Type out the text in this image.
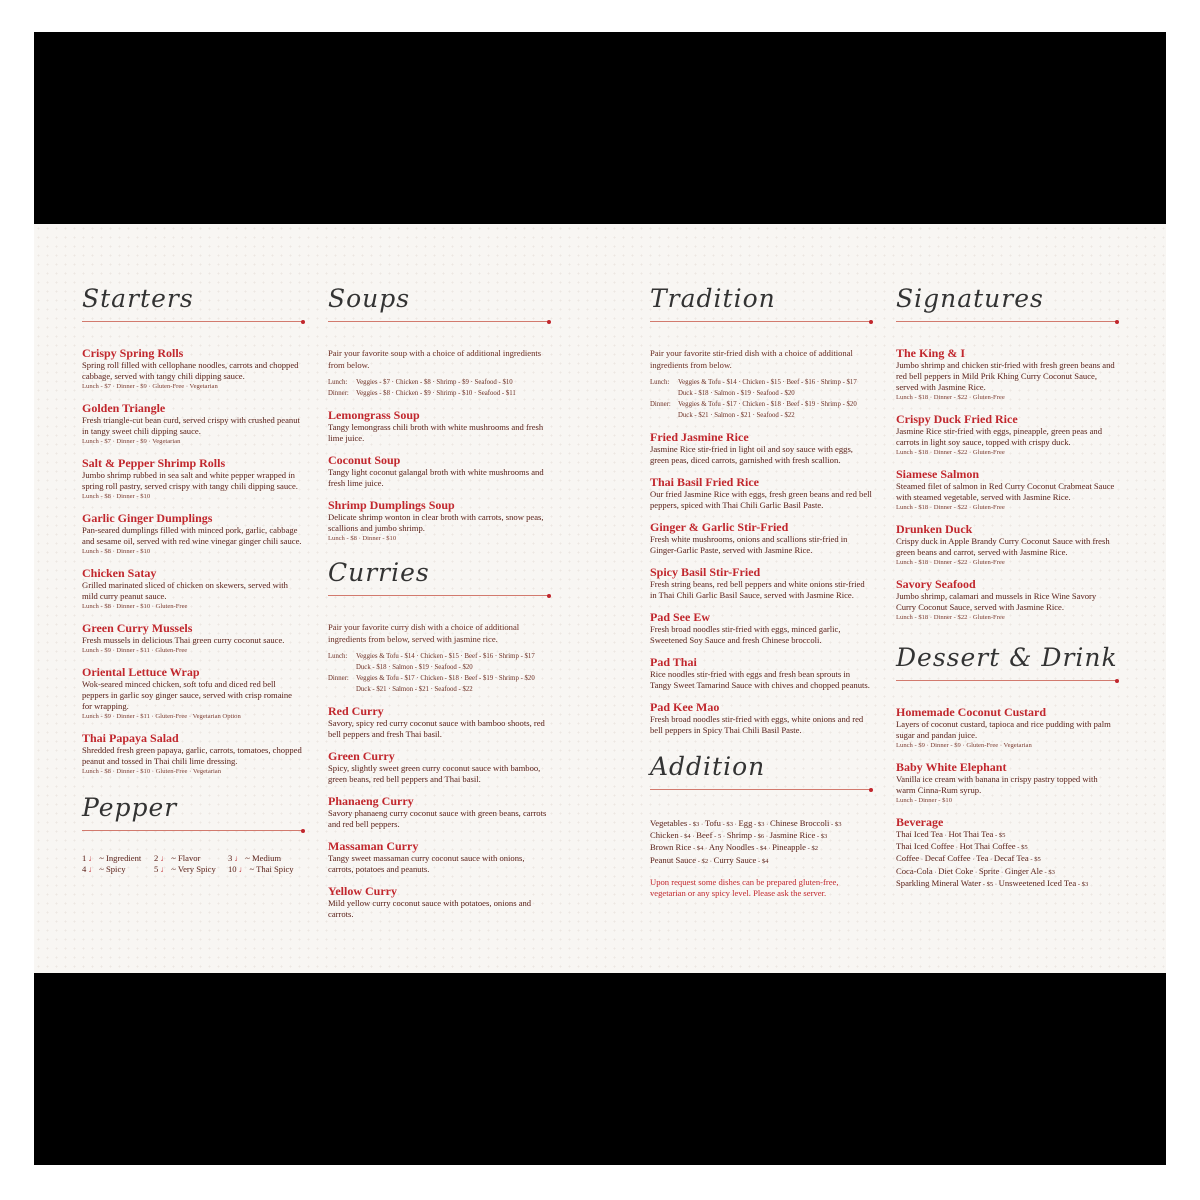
Starters
Crispy Spring Rolls
Spring roll filled with cellophane noodles, carrots and chopped cabbage, served with tangy chili dipping sauce.
Lunch - $7 · Dinner - $9 · Gluten-Free · Vegetarian
Golden Triangle
Fresh triangle-cut bean curd, served crispy with crushed peanut in tangy sweet chili dipping sauce.
Lunch - $7 · Dinner - $9 · Vegetarian
Salt & Pepper Shrimp Rolls
Jumbo shrimp rubbed in sea salt and white pepper wrapped in spring roll pastry, served crispy with tangy chili dipping sauce.
Lunch - $8 · Dinner - $10
Garlic Ginger Dumplings
Pan-seared dumplings filled with minced pork, garlic, cabbage and sesame oil, served with red wine vinegar ginger chili sauce.
Lunch - $8 · Dinner - $10
Chicken Satay
Grilled marinated sliced of chicken on skewers, served with mild curry peanut sauce.
Lunch - $8 · Dinner - $10 · Gluten-Free
Green Curry Mussels
Fresh mussels in delicious Thai green curry coconut sauce.
Lunch - $9 · Dinner - $11 · Gluten-Free
Oriental Lettuce Wrap
Wok-seared minced chicken, soft tofu and diced red bell peppers in garlic soy ginger sauce, served with crisp romaine for wrapping.
Lunch - $9 · Dinner - $11 · Gluten-Free · Vegetarian Option
Thai Papaya Salad
Shredded fresh green papaya, garlic, carrots, tomatoes, chopped peanut and tossed in Thai chili lime dressing.
Lunch - $8 · Dinner - $10 · Gluten-Free · Vegetarian
Pepper
1 ♩ ~ Ingredient	2 ♩ ~ Flavor	3 ♩ ~ Medium
4 ♩ ~ Spicy	5 ♩ ~ Very Spicy	10 ♩ ~ Thai Spicy
Soups
Pair your favorite soup with a choice of additional ingredients from below.
Lunch:	Veggies - $7 · Chicken - $8 · Shrimp - $9 · Seafood - $10
Dinner:	Veggies - $8 · Chicken - $9 · Shrimp - $10 · Seafood - $11
Lemongrass Soup
Tangy lemongrass chili broth with white mushrooms and fresh lime juice.
Coconut Soup
Tangy light coconut galangal broth with white mushrooms and fresh lime juice.
Shrimp Dumplings Soup
Delicate shrimp wonton in clear broth with carrots, snow peas, scallions and jumbo shrimp.
Lunch - $8 · Dinner - $10
Curries
Pair your favorite curry dish with a choice of additional ingredients from below, served with jasmine rice.
Lunch:	Veggies & Tofu - $14 · Chicken - $15 · Beef - $16 · Shrimp - $17
Duck - $18 · Salmon - $19 · Seafood - $20
Dinner:	Veggies & Tofu - $17 · Chicken - $18 · Beef - $19 · Shrimp - $20
Duck - $21 · Salmon - $21 · Seafood - $22
Red Curry
Savory, spicy red curry coconut sauce with bamboo shoots, red bell peppers and fresh Thai basil.
Green Curry
Spicy, slightly sweet green curry coconut sauce with bamboo, green beans, red bell peppers and Thai basil.
Phanaeng Curry
Savory phanaeng curry coconut sauce with green beans, carrots and red bell peppers.
Massaman Curry
Tangy sweet massaman curry coconut sauce with onions, carrots, potatoes and peanuts.
Yellow Curry
Mild yellow curry coconut sauce with potatoes, onions and carrots.
Tradition
Pair your favorite stir-fried dish with a choice of additional ingredients from below.
Lunch:	Veggies & Tofu - $14 · Chicken - $15 · Beef - $16 · Shrimp - $17
Duck - $18 · Salmon - $19 · Seafood - $20
Dinner:	Veggies & Tofu - $17 · Chicken - $18 · Beef - $19 · Shrimp - $20
Duck - $21 · Salmon - $21 · Seafood - $22
Fried Jasmine Rice
Jasmine Rice stir-fried in light oil and soy sauce with eggs, green peas, diced carrots, garnished with fresh scallion.
Thai Basil Fried Rice
Our fried Jasmine Rice with eggs, fresh green beans and red bell peppers, spiced with Thai Chili Garlic Basil Paste.
Ginger & Garlic Stir-Fried
Fresh white mushrooms, onions and scallions stir-fried in Ginger-Garlic Paste, served with Jasmine Rice.
Spicy Basil Stir-Fried
Fresh string beans, red bell peppers and white onions stir-fried in Thai Chili Garlic Basil Sauce, served with Jasmine Rice.
Pad See Ew
Fresh broad noodles stir-fried with eggs, minced garlic, Sweetened Soy Sauce and fresh Chinese broccoli.
Pad Thai
Rice noodles stir-fried with eggs and fresh bean sprouts in Tangy Sweet Tamarind Sauce with chives and chopped peanuts.
Pad Kee Mao
Fresh broad noodles stir-fried with eggs, white onions and red bell peppers in Spicy Thai Chili Basil Paste.
Addition
Vegetables - $3 · Tofu - $3 · Egg - $3 · Chinese Broccoli - $3
Chicken - $4 · Beef - 5 · Shrimp - $6 · Jasmine Rice - $3
Brown Rice - $4 · Any Noodles - $4 · Pineapple - $2
Peanut Sauce - $2 · Curry Sauce - $4
Upon request some dishes can be prepared gluten-free, vegetarian or any spicy level. Please ask the server.
Signatures
The King & I
Jumbo shrimp and chicken stir-fried with fresh green beans and red bell peppers in Mild Prik Khing Curry Coconut Sauce, served with Jasmine Rice.
Lunch - $18 · Dinner - $22 · Gluten-Free
Crispy Duck Fried Rice
Jasmine Rice stir-fried with eggs, pineapple, green peas and carrots in light soy sauce, topped with crispy duck.
Lunch - $18 · Dinner - $22 · Gluten-Free
Siamese Salmon
Steamed filet of salmon in Red Curry Coconut Crabmeat Sauce with steamed vegetable, served with Jasmine Rice.
Lunch - $18 · Dinner - $22 · Gluten-Free
Drunken Duck
Crispy duck in Apple Brandy Curry Coconut Sauce with fresh green beans and carrot, served with Jasmine Rice.
Lunch - $18 · Dinner - $22 · Gluten-Free
Savory Seafood
Jumbo shrimp, calamari and mussels in Rice Wine Savory Curry Coconut Sauce, served with Jasmine Rice.
Lunch - $18 · Dinner - $22 · Gluten-Free
Dessert & Drink
Homemade Coconut Custard
Layers of coconut custard, tapioca and rice pudding with palm sugar and pandan juice.
Lunch - $9 · Dinner - $9 · Gluten-Free · Vegetarian
Baby White Elephant
Vanilla ice cream with banana in crispy pastry topped with warm Cinna-Rum syrup.
Lunch - Dinner - $10
Beverage
Thai Iced Tea · Hot Thai Tea - $5
Thai Iced Coffee · Hot Thai Coffee - $5
Coffee · Decaf Coffee · Tea · Decaf Tea - $5
Coca-Cola · Diet Coke · Sprite · Ginger Ale - $3
Sparkling Mineral Water - $5 · Unsweetened Iced Tea - $3
